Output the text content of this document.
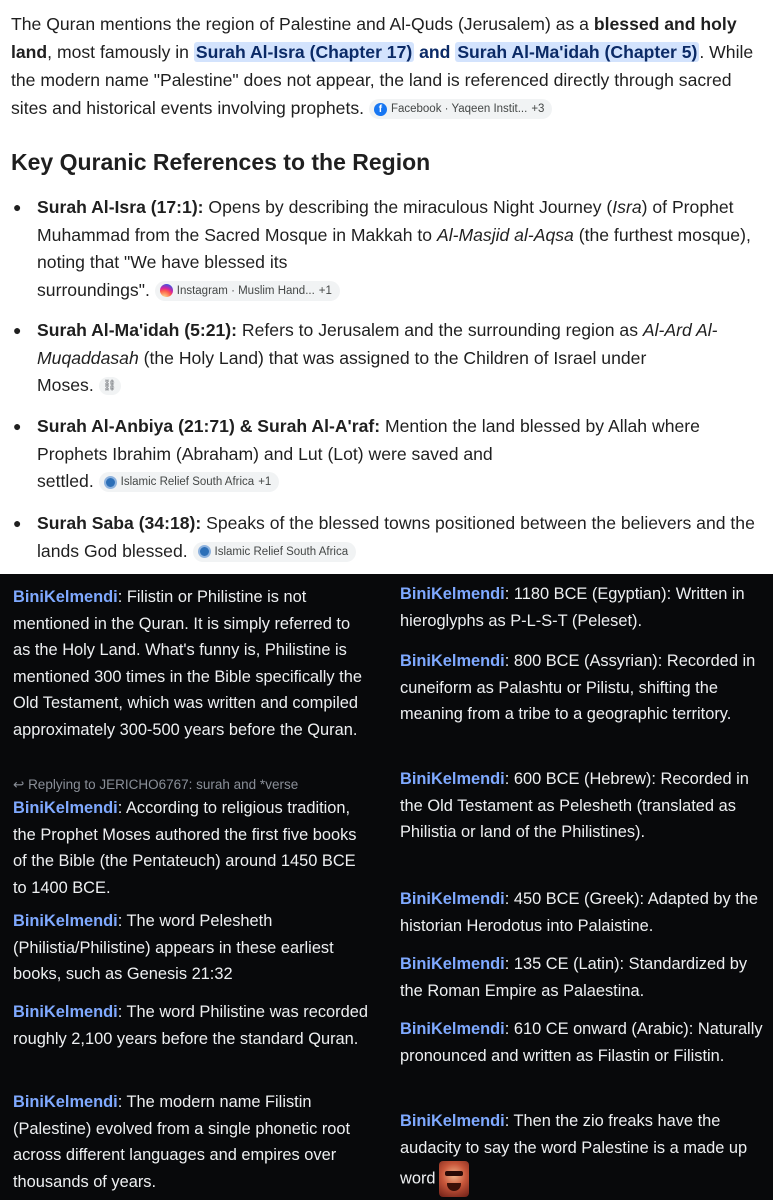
The Quran mentions the region of Palestine and Al-Quds (Jerusalem) as a blessed and holy land, most famously in Surah Al-Isra (Chapter 17) and Surah Al-Ma'idah (Chapter 5) . While the modern name "Palestine" does not appear, the land is referenced directly through sacred sites and historical events involving prophets.	f Facebook · Yaqeen Instit... +3

Key Quranic References to the Region
● Surah Al-Isra (17:1): Opens by describing the miraculous Night Journey (Isra) of Prophet Muhammad from the Sacred Mosque in Makkah to Al-Masjid al-Aqsa (the furthest mosque), noting that "We have blessed its
surroundings". Instagram · Muslim Hand... +1
● Surah Al-Ma'idah (5:21): Refers to Jerusalem and the surrounding region as Al-Ard Al-Muqaddasah (the Holy Land) that was assigned to the Children of Israel under
Moses. ⛓
● Surah Al-Anbiya (21:71) & Surah Al-A'raf: Mention the land blessed by Allah where Prophets Ibrahim (Abraham) and Lut (Lot) were saved and
settled. Islamic Relief South Africa +1
● Surah Saba (34:18): Speaks of the blessed towns positioned between the believers and the lands God blessed. Islamic Relief South Africa
BiniKelmendi: Filistin or Philistine is not mentioned in the Quran. It is simply referred to as the Holy Land. What's funny is, Philistine is mentioned 300 times in the Bible specifically the Old Testament, which was written and compiled approximately 300-500 years before the Quran.
↩ Replying to JERICHO6767: surah and *verse
BiniKelmendi: According to religious tradition, the Prophet Moses authored the first five books of the Bible (the Pentateuch) around 1450 BCE to 1400 BCE.
BiniKelmendi: The word Pelesheth (Philistia/Philistine) appears in these earliest books, such as Genesis 21:32
BiniKelmendi: The word Philistine was recorded roughly 2,100 years before the standard Quran.
BiniKelmendi: The modern name Filistin (Palestine) evolved from a single phonetic root across different languages and empires over thousands of years.
BiniKelmendi: 1180 BCE (Egyptian): Written in hieroglyphs as P-L-S-T (Peleset).
BiniKelmendi: 800 BCE (Assyrian): Recorded in cuneiform as Palashtu or Pilistu, shifting the meaning from a tribe to a geographic territory.
BiniKelmendi: 600 BCE (Hebrew): Recorded in the Old Testament as Pelesheth (translated as Philistia or land of the Philistines).
BiniKelmendi: 450 BCE (Greek): Adapted by the historian Herodotus into Palaistine.
BiniKelmendi: 135 CE (Latin): Standardized by the Roman Empire as Palaestina.
BiniKelmendi: 610 CE onward (Arabic): Naturally pronounced and written as Filastin or Filistin.
BiniKelmendi: Then the zio freaks have the audacity to say the word Palestine is a made up word
